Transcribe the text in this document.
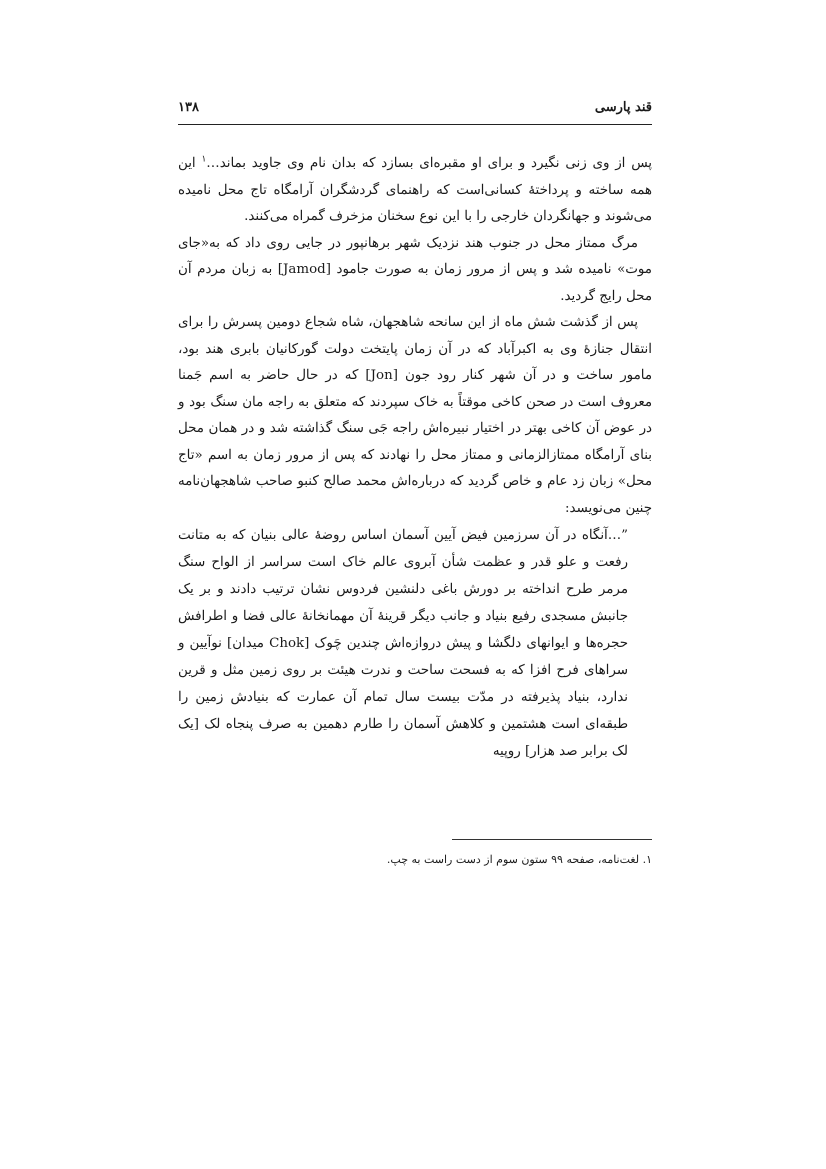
قند پارسی
۱۳۸

پس از وی زنی نگیرد و برای او مقبره‌ای بسازد که بدان نام وی جاوید بماند…$^۱$ این همه ساخته و پرداختهٔ کسانی‌است که راهنمای گردشگران آرامگاه تاج محل نامیده می‌شوند و جهانگردان خارجی را با این نوع سخنان مزخرف گمراه می‌کنند.

مرگ ممتاز محل در جنوب هند نزدیک شهر برهانپور در جایی روی داد که به«جای موت» نامیده شد و پس از مرور زمان به صورت جامود [Jamod] به زبان مردم آن محل رایج گردید.

پس از گذشت شش ماه از این سانحه شاهجهان، شاه شجاع دومین پسرش را برای انتقال جنازهٔ وی به اکبرآباد که در آن زمان پایتخت دولت گورکانیان بابری هند بود، مامور ساخت و در آن شهر کنار رود جون [Jon] که در حال حاضر به اسم جَمنا معروف است در صحن کاخی موقتاً به خاک سپردند که متعلق به راجه مان سنگ بود و در عوض آن کاخی بهتر در اختیار نبیره‌اش راجه جَی سنگ گذاشته شد و در همان محل بنای آرامگاه ممتازالزمانی و ممتاز محل را نهادند که پس از مرور زمان به اسم «تاج محل» زبان زد عام و خاص گردید که درباره‌اش محمد صالح کنبو صاحب شاهجهان‌نامه چنین می‌نویسد:

”…آنگاه در آن سرزمین فیض آیین آسمان اساس روضهٔ عالی بنیان که به متانت رفعت و علو قدر و عظمت شأن آبروی عالم خاک است سراسر از الواح سنگ مرمر طرح انداخته بر دورش باغی دلنشین فردوس نشان ترتیب دادند و بر یک جانبش مسجدی رفیع بنیاد و جانب دیگر قرینهٔ آن مهمانخانهٔ عالی فضا و اطرافش حجره‌ها و ایوانهای دلگشا و پیش دروازه‌اش چندین چَوک [Chok میدان] نوآیین و سراهای فرح افزا که به فسحت ساحت و ندرت هیئت بر روی زمین مثل و قرین ندارد، بنیاد پذیرفته در مدّت بیست سال تمام آن عمارت که بنیادش زمین را طبقه‌ای است هشتمین و کلاهش آسمان را طارم دهمین به صرف پنجاه لک [یک لک برابر صد هزار] روپیه
۱. لغت‌نامه، صفحه ۹۹ ستون سوم از دست راست به چپ.
